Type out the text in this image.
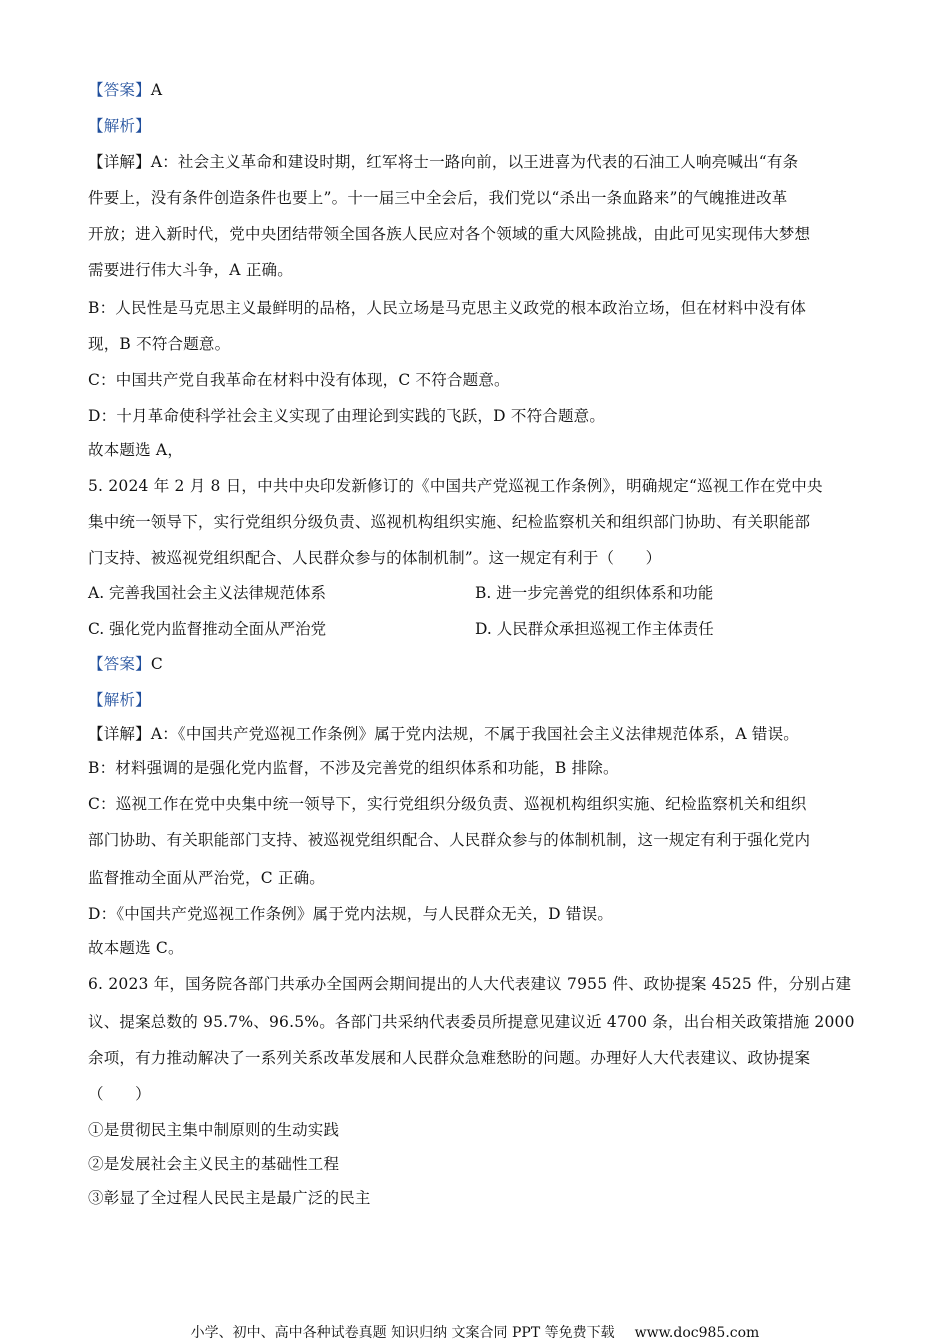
【答案】A
【解析】
【详解】A：社会主义革命和建设时期，红军将士一路向前，以王进喜为代表的石油工人响亮喊出“有条
件要上，没有条件创造条件也要上”。十一届三中全会后，我们党以“杀出一条血路来”的气魄推进改革
开放；进入新时代，党中央团结带领全国各族人民应对各个领域的重大风险挑战，由此可见实现伟大梦想
需要进行伟大斗争，A 正确。
B：人民性是马克思主义最鲜明的品格，人民立场是马克思主义政党的根本政治立场，但在材料中没有体
现，B 不符合题意。
C：中国共产党自我革命在材料中没有体现，C 不符合题意。
D：十月革命使科学社会主义实现了由理论到实践的飞跃，D 不符合题意。
故本题选 A，
5. 2024 年 2 月 8 日，中共中央印发新修订的《中国共产党巡视工作条例》，明确规定“巡视工作在党中央
集中统一领导下，实行党组织分级负责、巡视机构组织实施、纪检监察机关和组织部门协助、有关职能部
门支持、被巡视党组织配合、人民群众参与的体制机制”。这一规定有利于（　　）
A. 完善我国社会主义法律规范体系	B. 进一步完善党的组织体系和功能
C. 强化党内监督推动全面从严治党	D. 人民群众承担巡视工作主体责任
【答案】C
【解析】
【详解】A：《中国共产党巡视工作条例》属于党内法规，不属于我国社会主义法律规范体系，A 错误。
B：材料强调的是强化党内监督，不涉及完善党的组织体系和功能，B 排除。
C：巡视工作在党中央集中统一领导下，实行党组织分级负责、巡视机构组织实施、纪检监察机关和组织
部门协助、有关职能部门支持、被巡视党组织配合、人民群众参与的体制机制，这一规定有利于强化党内
监督推动全面从严治党，C 正确。
D：《中国共产党巡视工作条例》属于党内法规，与人民群众无关，D 错误。
故本题选 C。
6. 2023 年，国务院各部门共承办全国两会期间提出的人大代表建议 7955 件、政协提案 4525 件，分别占建
议、提案总数的 95.7%、96.5%。各部门共采纳代表委员所提意见建议近 4700 条，出台相关政策措施 2000
余项，有力推动解决了一系列关系改革发展和人民群众急难愁盼的问题。办理好人大代表建议、政协提案
（　　）
①是贯彻民主集中制原则的生动实践
②是发展社会主义民主的基础性工程
③彰显了全过程人民民主是最广泛的民主
小学、初中、高中各种试卷真题 知识归纳 文案合同 PPT 等免费下载 www.doc985.com
